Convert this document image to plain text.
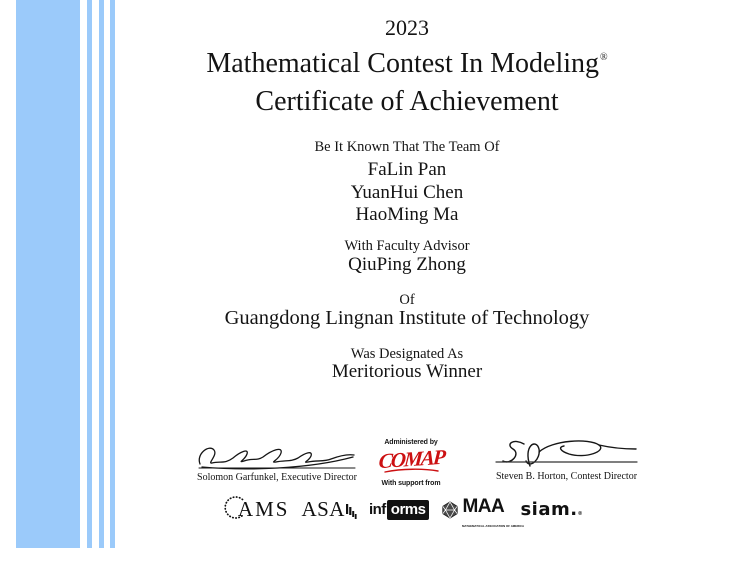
2023
Mathematical Contest In Modeling®
Certificate of Achievement
Be It Known That The Team Of
FaLin Pan
YuanHui Chen
HaoMing Ma
With Faculty Advisor
QiuPing Zhong
Of
Guangdong Lingnan Institute of Technology
Was Designated As
Meritorious Winner
Solomon Garfunkel, Executive Director
Administered by
COMAP
With support from
Steven B. Horton, Contest Director
AMS ASA inf orms MAA
MATHEMATICAL ASSOCIATION OF AMERICA
siam.®
